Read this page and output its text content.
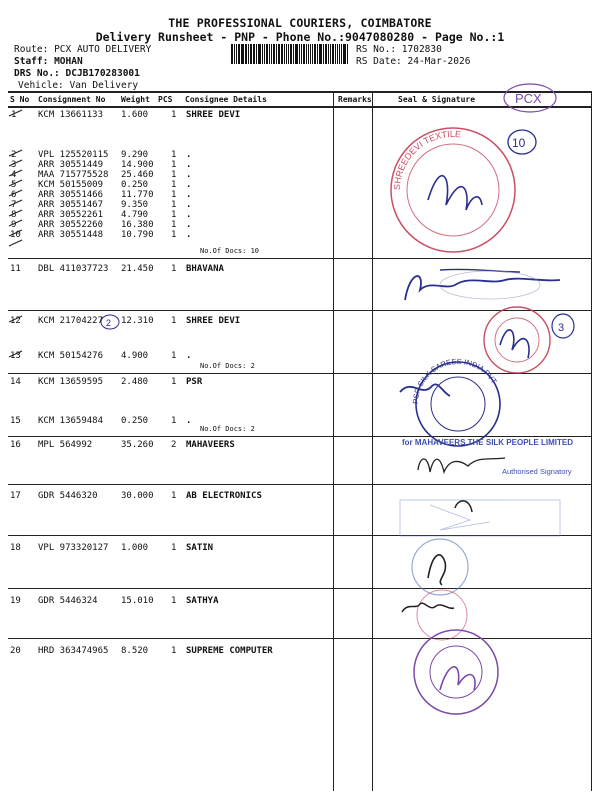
THE PROFESSIONAL COURIERS, COIMBATORE
Delivery Runsheet - PNP - Phone No.:9047080280 - Page No.:1
Route: PCX AUTO DELIVERY
Staff: MOHAN
DRS No.: DCJB170283001
Vehicle: Van Delivery
RS No.: 1702830
RS Date: 24-Mar-2026
S No Consignment No Weight PCS Consignee Details	Remarks	Seal & Signature
1 KCM 13661133 1.600	1 SHREE DEVI
2 VPL 125520115 9.290	1 .
3 ARR 30551449 14.900	1 .
4 MAA 715775528 25.460	1 .
5 KCM 50155009 0.250	1 .
6 ARR 30551466 11.770	1 .
7 ARR 30551467 9.350	1 .
8 ARR 30552261 4.790	1 .
9 ARR 30552260 16.380	1 .
10 ARR 30551448 10.790	1 .
11 DBL 411037723 21.450	1 BHAVANA
12 KCM 21704227 12.310	1 SHREE DEVI
13 KCM 50154276 4.900	1 .
14 KCM 13659595 2.480	1 PSR
15 KCM 13659484 0.250	1 .
16 MPL 564992	35.260	2 MAHAVEERS
17 GDR 5446320	30.000	1 AB ELECTRONICS
18 VPL 973320127 1.000	1 SATIN
19 GDR 5446324	15.010	1 SATHYA
20 HRD 363474965 8.520	1 SUPREME COMPUTER
No.Of Docs: 10
No.Of Docs: 2
No.Of Docs: 2
PCX
10
SHREEDEVI TEXTILE
3
2
PSR SILK SAREES INDIA PVT
for MAHAVEERS THE SILK PEOPLE LIMITED
Authorised Signatory
